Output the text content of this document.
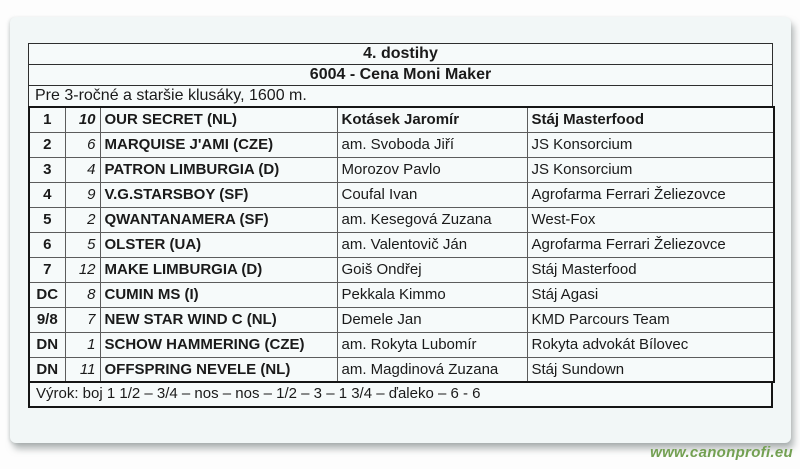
4. dostihy
6004 - Cena Moni Maker
Pre 3-ročné a staršie klusáky, 1600 m.
1	10	OUR SECRET (NL)	Kotásek Jaromír	Stáj Masterfood
2	6	MARQUISE J'AMI (CZE)	am. Svoboda Jiří	JS Konsorcium
3	4	PATRON LIMBURGIA (D)	Morozov Pavlo	JS Konsorcium
4	9	V.G.STARSBOY (SF)	Coufal Ivan	Agrofarma Ferrari Želiezovce
5	2	QWANTANAMERA (SF)	am. Kesegová Zuzana	West-Fox
6	5	OLSTER (UA)	am. Valentovič Ján	Agrofarma Ferrari Želiezovce
7	12	MAKE LIMBURGIA (D)	Goiš Ondřej	Stáj Masterfood
DC	8	CUMIN MS (I)	Pekkala Kimmo	Stáj Agasi
9/8	7	NEW STAR WIND C (NL)	Demele Jan	KMD Parcours Team
DN	1	SCHOW HAMMERING (CZE)	am. Rokyta Lubomír	Rokyta advokát Bílovec
DN	11	OFFSPRING NEVELE (NL)	am. Magdinová Zuzana	Stáj Sundown
Výrok: boj 1 1/2 – 3/4 – nos – nos – 1/2 – 3 – 1 3/4 – ďaleko – 6 - 6
www.canonprofi.eu
